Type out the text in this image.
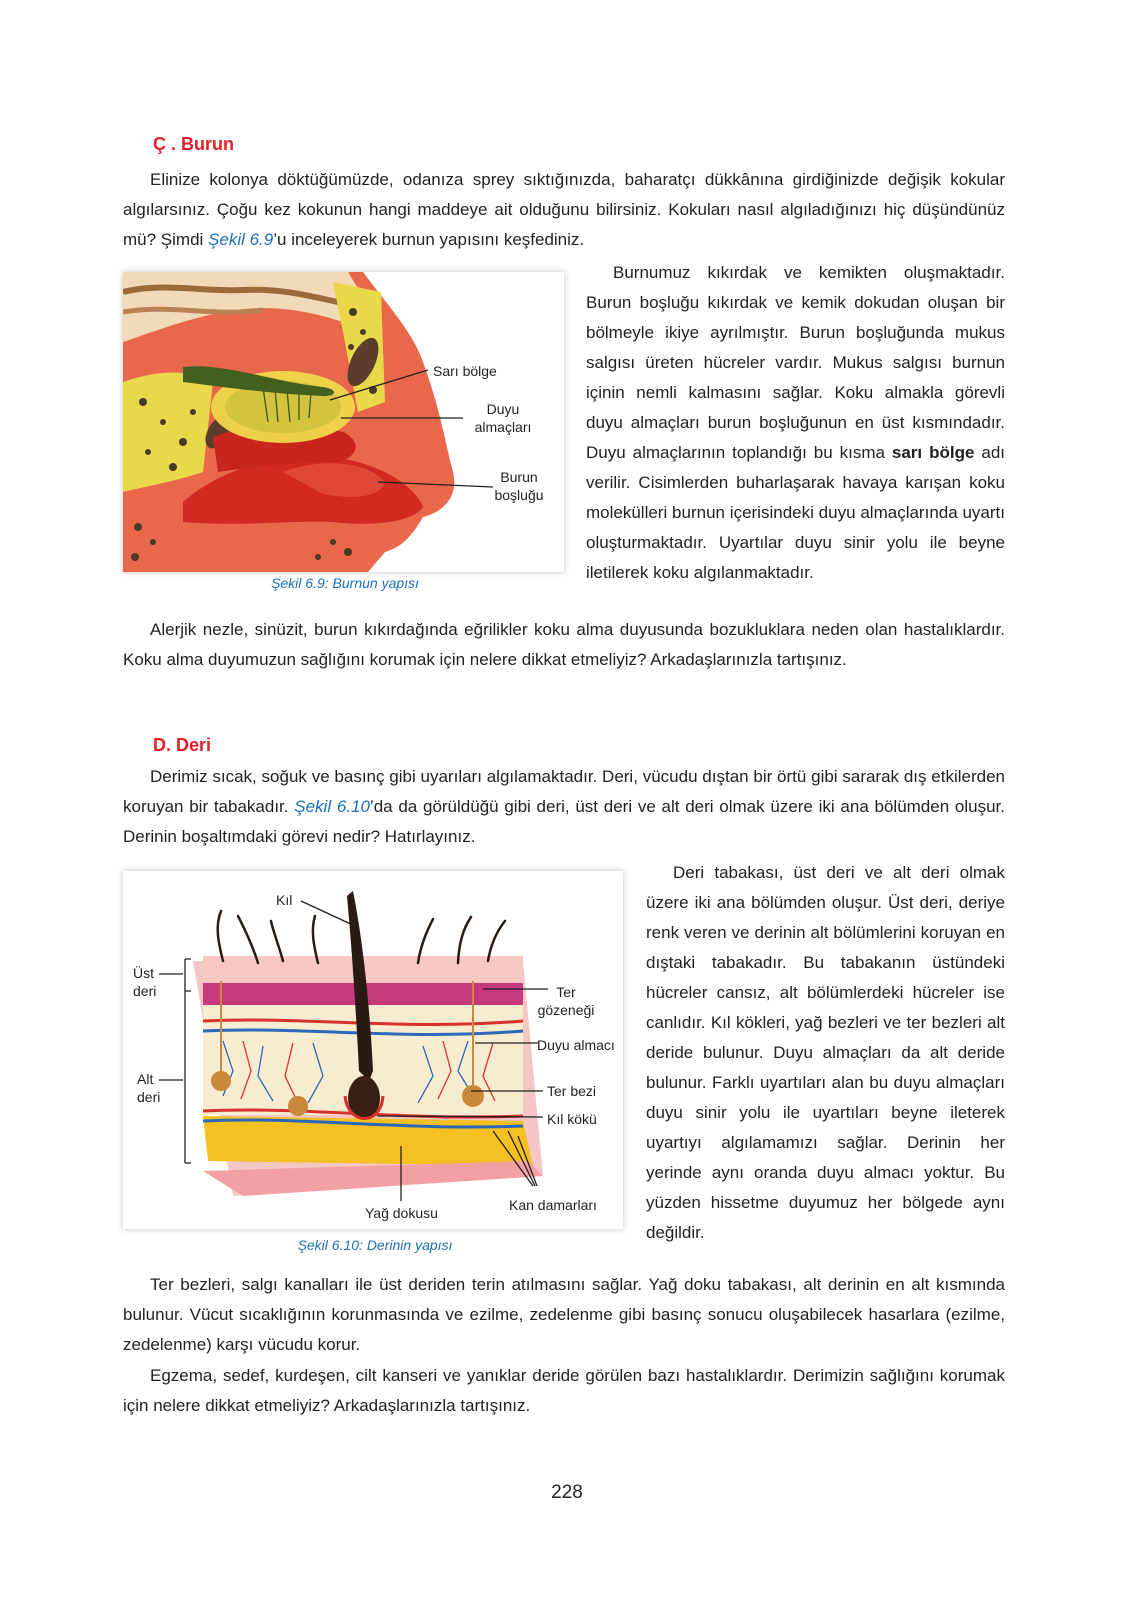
Ç . Burun

Elinize kolonya döktüğümüzde, odanıza sprey sıktığınızda, baharatçı dükkânına girdiğinizde değişik kokular algılarsınız. Çoğu kez kokunun hangi maddeye ait olduğunu bilirsiniz. Kokuları nasıl algıladığınızı hiç düşündünüz mü? Şimdi Şekil 6.9’u inceleyerek burnun yapısını keşfediniz.

Sarı bölge
Duyu
almaçları
Burun
boşluğu
Şekil 6.9: Burnun yapısı

Burnumuz kıkırdak ve kemikten oluşmaktadır. Burun boşluğu kıkırdak ve kemik dokudan oluşan bir bölmeyle ikiye ayrılmıştır. Burun boşluğunda mukus salgısı üreten hücreler vardır. Mukus salgısı burnun içinin nemli kalmasını sağlar. Koku almakla görevli duyu almaçları burun boşluğunun en üst kısmındadır. Duyu almaçlarının toplandığı bu kısma sarı bölge adı verilir. Cisimlerden buharlaşarak havaya karışan koku molekülleri burnun içerisindeki duyu almaçlarında uyartı oluşturmaktadır. Uyartılar duyu sinir yolu ile beyne iletilerek koku algılanmaktadır.

Alerjik nezle, sinüzit, burun kıkırdağında eğrilikler koku alma duyusunda bozukluklara neden olan hastalıklardır. Koku alma duyumuzun sağlığını korumak için nelere dikkat etmeliyiz? Arkadaşlarınızla tartışınız.

D. Deri

Derimiz sıcak, soğuk ve basınç gibi uyarıları algılamaktadır. Deri, vücudu dıştan bir örtü gibi sararak dış etkilerden koruyan bir tabakadır. Şekil 6.10’da da görüldüğü gibi deri, üst deri ve alt deri olmak üzere iki ana bölümden oluşur. Derinin boşaltımdaki görevi nedir? Hatırlayınız.

Kıl
Üst
deri
Alt
deri
Ter
gözeneği
Duyu almacı
Ter bezi
Kıl kökü
Kan damarları
Yağ dokusu
Şekil 6.10: Derinin yapısı

Deri tabakası, üst deri ve alt deri olmak üzere iki ana bölümden oluşur. Üst deri, deriye renk veren ve derinin alt bölümlerini koruyan en dıştaki tabakadır. Bu tabakanın üstündeki hücreler cansız, alt bölümlerdeki hücreler ise canlıdır. Kıl kökleri, yağ bezleri ve ter bezleri alt deride bulunur. Duyu almaçları da alt deride bulunur. Farklı uyartıları alan bu duyu almaçları duyu sinir yolu ile uyartıları beyne ileterek uyartıyı algılamamızı sağlar. Derinin her yerinde aynı oranda duyu almacı yoktur. Bu yüzden hissetme duyumuz her bölgede aynı değildir.

Ter bezleri, salgı kanalları ile üst deriden terin atılmasını sağlar. Yağ doku tabakası, alt derinin en alt kısmında bulunur. Vücut sıcaklığının korunmasında ve ezilme, zedelenme gibi basınç sonucu oluşabilecek hasarlara (ezilme, zedelenme) karşı vücudu korur.

Egzema, sedef, kurdeşen, cilt kanseri ve yanıklar deride görülen bazı hastalıklardır. Derimizin sağlığını korumak için nelere dikkat etmeliyiz? Arkadaşlarınızla tartışınız.

228
